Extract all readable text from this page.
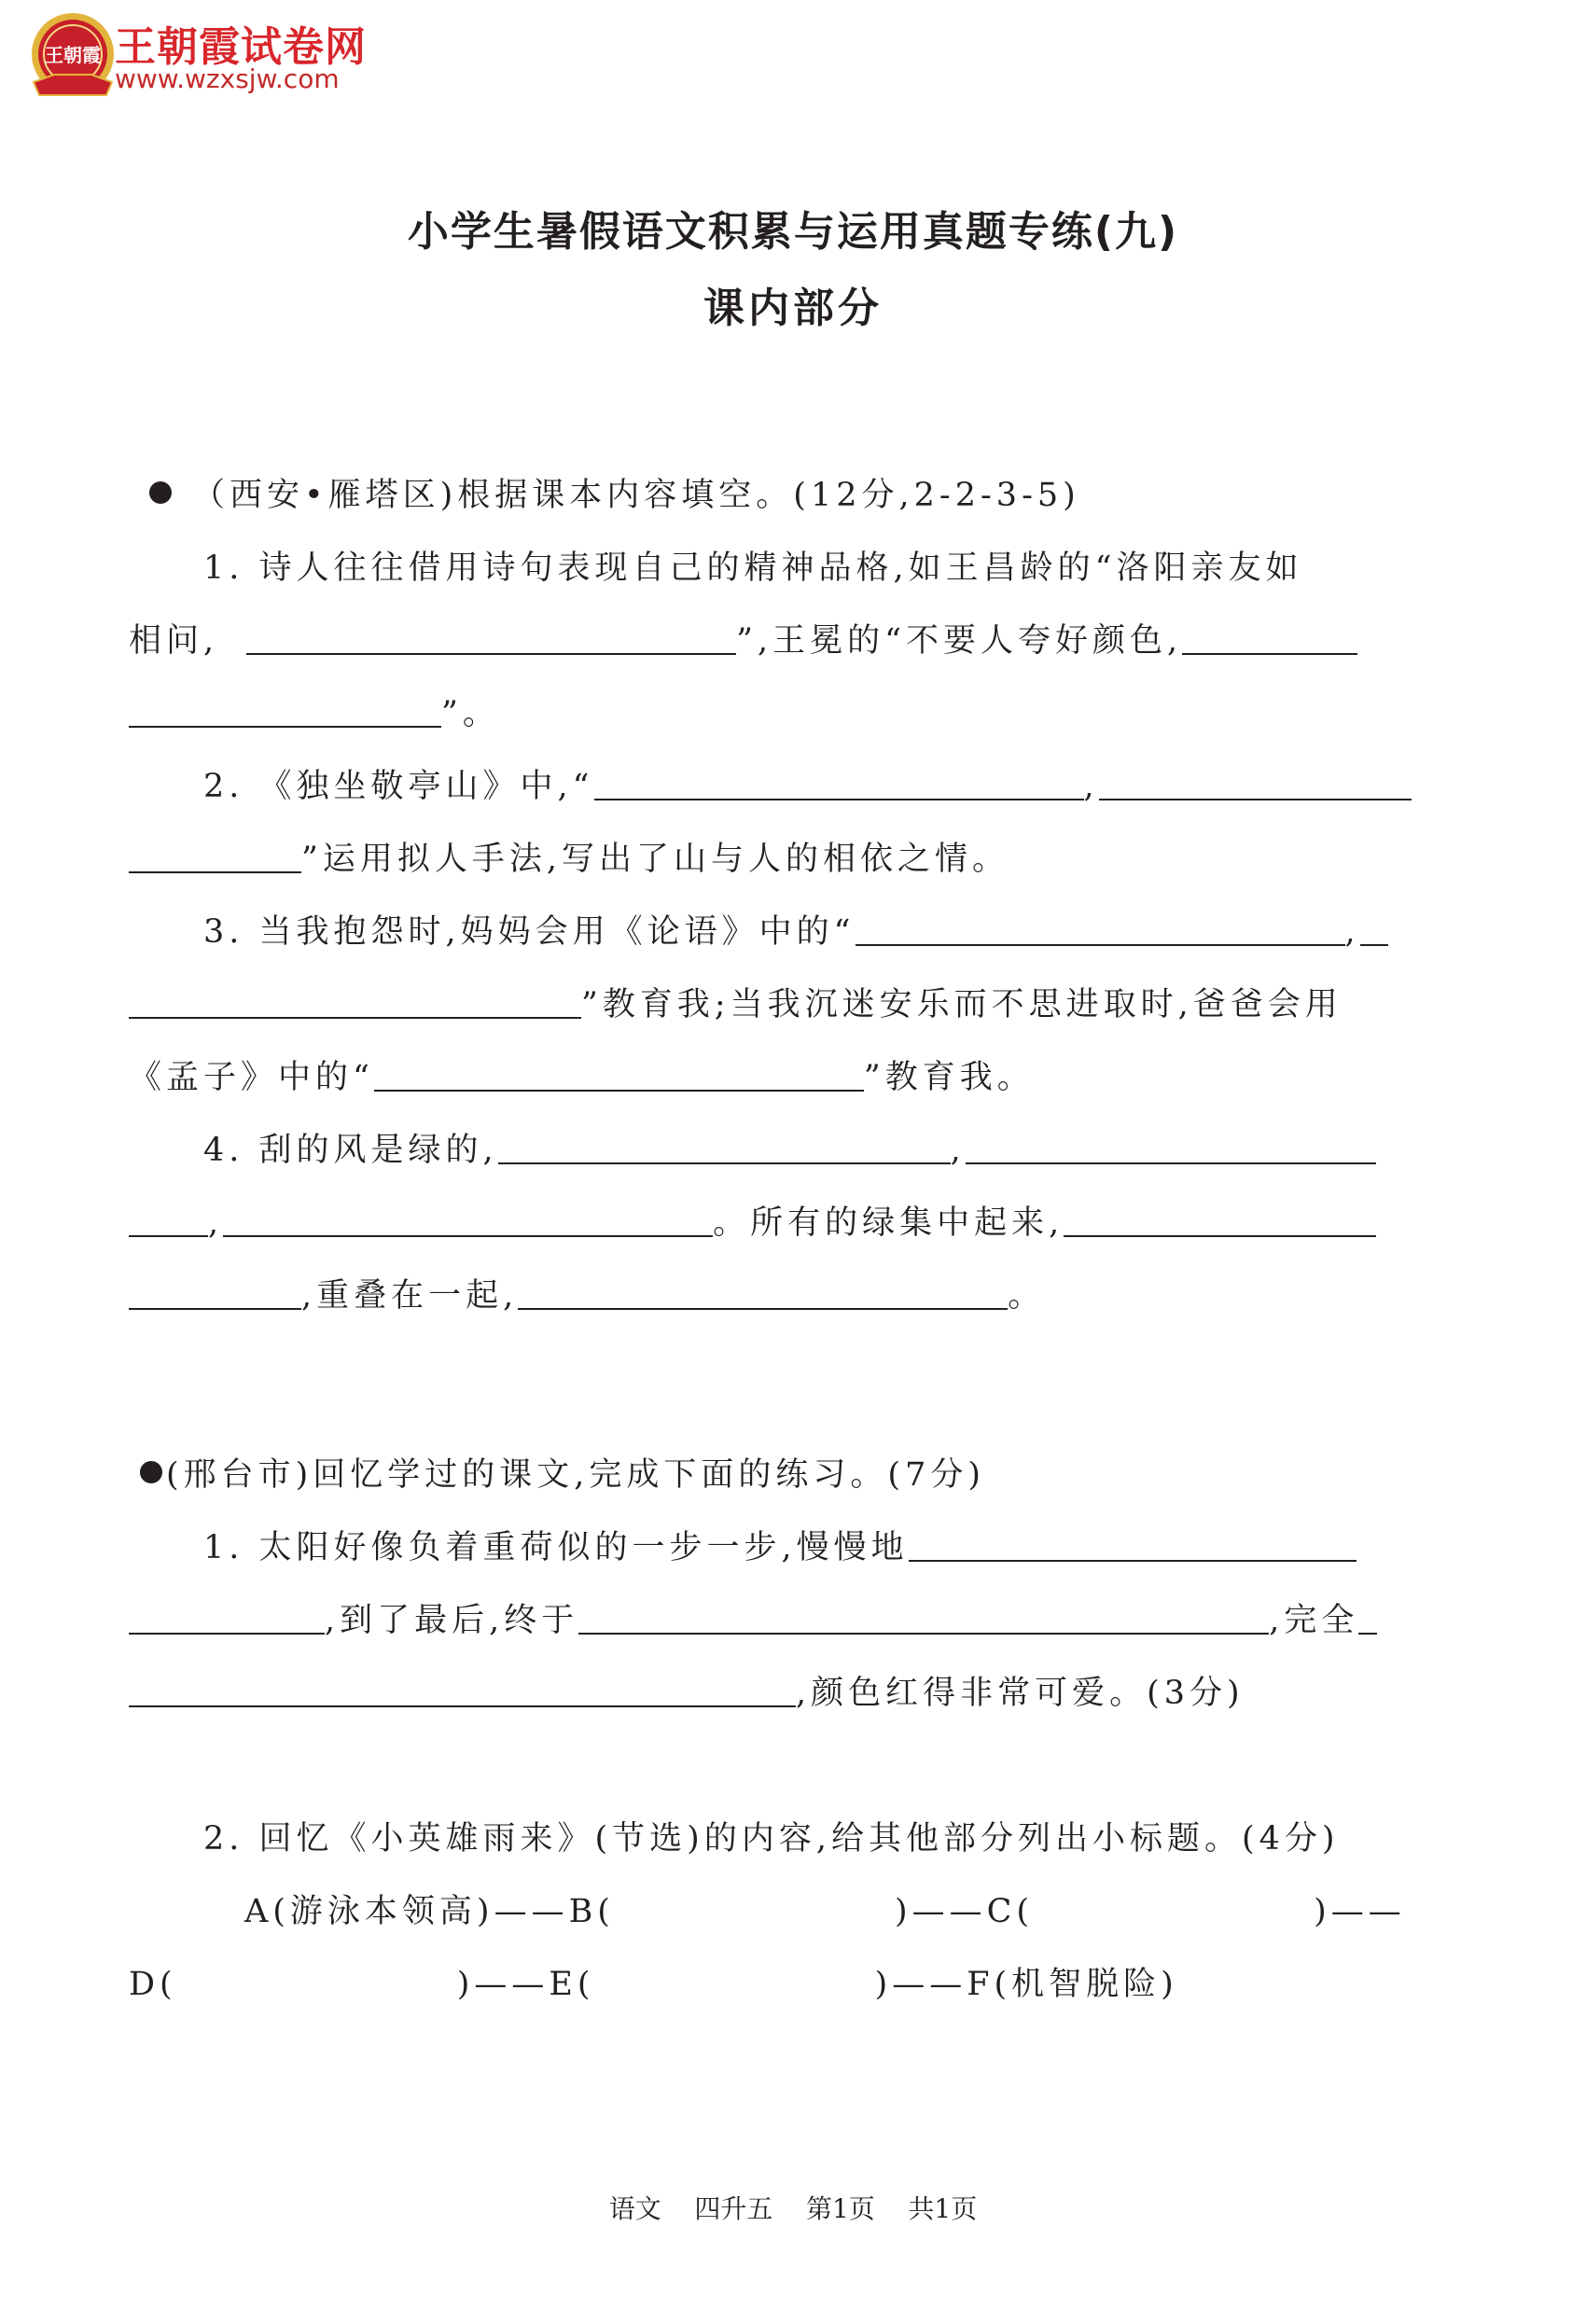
王朝霞 王朝霞试卷网
www.wzxsjw.com
小学生暑假语文积累与运用真题专练(九)
课内部分
（西安•雁塔区)根据课本内容填空。(12分,2-2-3-5)
1. 诗人往往借用诗句表现自己的精神品格,如王昌龄的“洛阳亲友如
相问,	”,王冕的“不要人夸好颜色,
”。
2. 《独坐敬亭山》中,“	,
”运用拟人手法,写出了山与人的相依之情。
3. 当我抱怨时,妈妈会用《论语》中的“	,
”教育我;当我沉迷安乐而不思进取时,爸爸会用
《孟子》中的“	”教育我。
4. 刮的风是绿的,	,
,	。所有的绿集中起来,
,重叠在一起,	。
(邢台市)回忆学过的课文,完成下面的练习。(7分)
1. 太阳好像负着重荷似的一步一步,慢慢地
,到了最后,终于	,完全
,颜色红得非常可爱。(3分)
2. 回忆《小英雄雨来》(节选)的内容,给其他部分列出小标题。(4分)
A(游泳本领高)——B(	)——C(	)——
D(	)——E(	)——F(机智脱险)
语文 四升五 第1页 共1页
